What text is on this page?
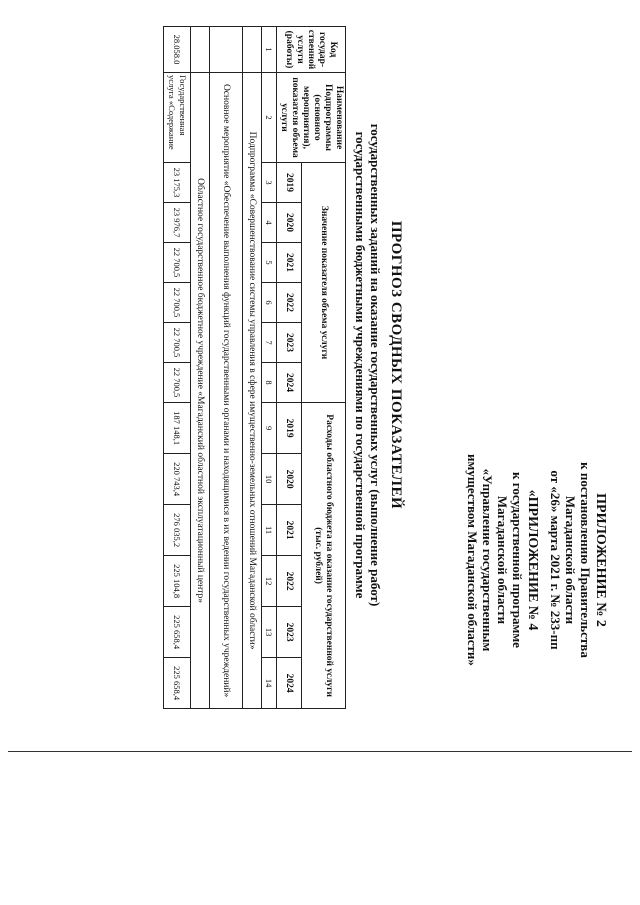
ПРИЛОЖЕНИЕ № 2
к постановлению Правительства
Магаданской области
от «26» марта 2021 г. № 233-пп
«ПРИЛОЖЕНИЕ № 4
к государственной программе
Магаданской области
«Управление государственным
имуществом Магаданской области»
ПРОГНОЗ СВОДНЫХ ПОКАЗАТЕЛЕЙ
государственных заданий на оказание государственных услуг (выполнение работ)
государственными бюджетными учреждениями по государственной программе
Код государ-ственной услуги (работы)	Наименование Подпрограммы (основного мероприятия), показателя объема услуги	Значение показателя объема услуги						Расходы областного бюджета на оказание государственной услуги (тыс. рублей)					
		2019	2020	2021	2022	2023	2024	2019	2020	2021	2022	2023	2024
1	2	3	4	5	6	7	8	9	10	11	12	13	14
	Подпрограмма «Совершенствование системы управления в сфере имущественно-земельных отношений Магаданской области»												
	Основное мероприятие «Обеспечение выполнения функций государственными органами и находящимися в их ведении государственных учреждений»												
	Областное государственное бюджетное учреждение «Магаданский областной эксплуатационный центр»												
28.058.0	Государственная услуга «Содержание	23 175,3	23 976,7	22 700,5	22 700,5	22 700,5	22 700,5	187 148,1	220 743,4	276 035,2	225 104,8	225 658,4	225 658,4
